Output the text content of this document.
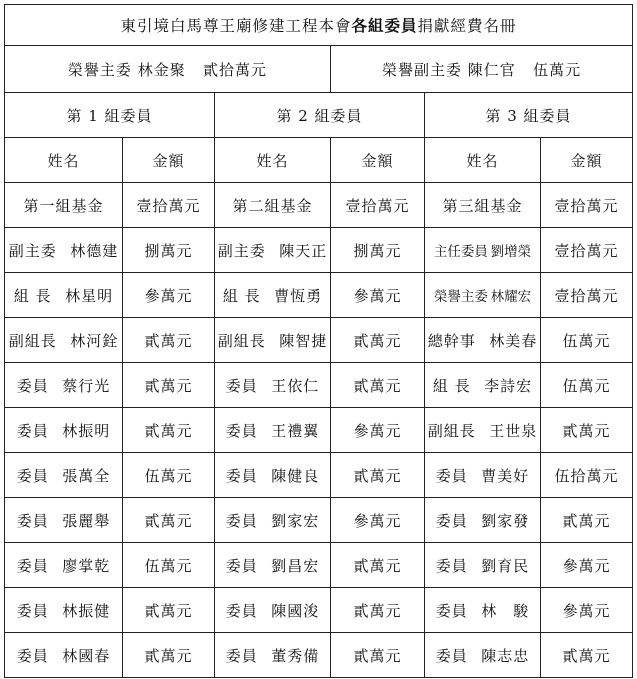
東引境白馬尊王廟修建工程本會各組委員捐獻經費名冊					
榮譽主委 林金聚 貳拾萬元			榮譽副主委 陳仁官 伍萬元		
第 1 組委員		第 2 組委員		第 3 組委員	
姓名	金額	姓名	金額	姓名	金額
第一組基金	壹拾萬元	第二組基金	壹拾萬元	第三組基金	壹拾萬元
副主委 林德建	捌萬元	副主委 陳天正	捌萬元	主任委員 劉增榮	壹拾萬元
組 長 林星明	參萬元	組 長 曹恆勇	參萬元	榮譽主委 林耀宏	壹拾萬元
副組長 林河銓	貳萬元	副組長 陳智捷	貳萬元	總幹事 林美春	伍萬元
委員 蔡行光	貳萬元	委員 王依仁	貳萬元	組 長 李詩宏	伍萬元
委員 林振明	貳萬元	委員 王禮翼	參萬元	副組長 王世泉	貳萬元
委員 張萬全	伍萬元	委員 陳健良	貳萬元	委員 曹美好	伍拾萬元
委員 張麗舉	貳萬元	委員 劉家宏	參萬元	委員 劉家發	貳萬元
委員 廖掌乾	伍萬元	委員 劉昌宏	貳萬元	委員 劉育民	參萬元
委員 林振健	貳萬元	委員 陳國浚	貳萬元	委員 林　駿	參萬元
委員 林國春	貳萬元	委員 董秀備	貳萬元	委員 陳志忠	貳萬元
